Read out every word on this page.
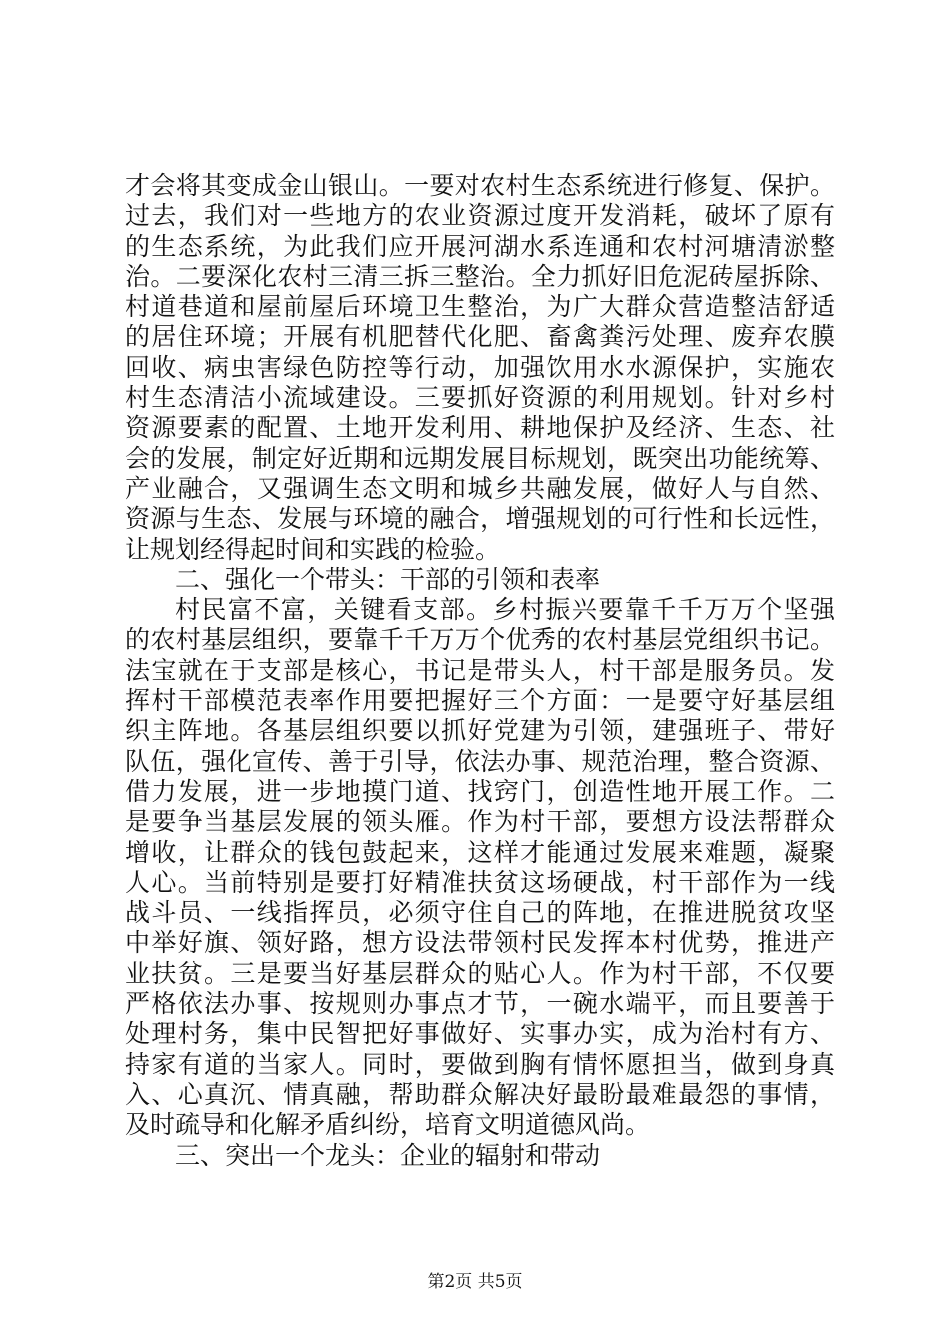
才会将其变成金山银山。一要对农村生态系统进行修复、保护。
过去，我们对一些地方的农业资源过度开发消耗，破坏了原有
的生态系统，为此我们应开展河湖水系连通和农村河塘清淤整
治。二要深化农村三清三拆三整治。全力抓好旧危泥砖屋拆除、
村道巷道和屋前屋后环境卫生整治，为广大群众营造整洁舒适
的居住环境；开展有机肥替代化肥、畜禽粪污处理、废弃农膜
回收、病虫害绿色防控等行动，加强饮用水水源保护，实施农
村生态清洁小流域建设。三要抓好资源的利用规划。针对乡村
资源要素的配置、土地开发利用、耕地保护及经济、生态、社
会的发展，制定好近期和远期发展目标规划，既突出功能统筹、
产业融合，又强调生态文明和城乡共融发展，做好人与自然、
资源与生态、发展与环境的融合，增强规划的可行性和长远性，
让规划经得起时间和实践的检验。
二、强化一个带头：干部的引领和表率
村民富不富，关键看支部。乡村振兴要靠千千万万个坚强
的农村基层组织，要靠千千万万个优秀的农村基层党组织书记。
法宝就在于支部是核心，书记是带头人，村干部是服务员。发
挥村干部模范表率作用要把握好三个方面：一是要守好基层组
织主阵地。各基层组织要以抓好党建为引领，建强班子、带好
队伍，强化宣传、善于引导，依法办事、规范治理，整合资源、
借力发展，进一步地摸门道、找窍门，创造性地开展工作。二
是要争当基层发展的领头雁。作为村干部，要想方设法帮群众
增收，让群众的钱包鼓起来，这样才能通过发展来难题，凝聚
人心。当前特别是要打好精准扶贫这场硬战，村干部作为一线
战斗员、一线指挥员，必须守住自己的阵地，在推进脱贫攻坚
中举好旗、领好路，想方设法带领村民发挥本村优势，推进产
业扶贫。三是要当好基层群众的贴心人。作为村干部，不仅要
严格依法办事、按规则办事点才节，一碗水端平，而且要善于
处理村务，集中民智把好事做好、实事办实，成为治村有方、
持家有道的当家人。同时，要做到胸有情怀愿担当，做到身真
入、心真沉、情真融，帮助群众解决好最盼最难最怨的事情，
及时疏导和化解矛盾纠纷，培育文明道德风尚。
三、突出一个龙头：企业的辐射和带动
第2页 共5页
